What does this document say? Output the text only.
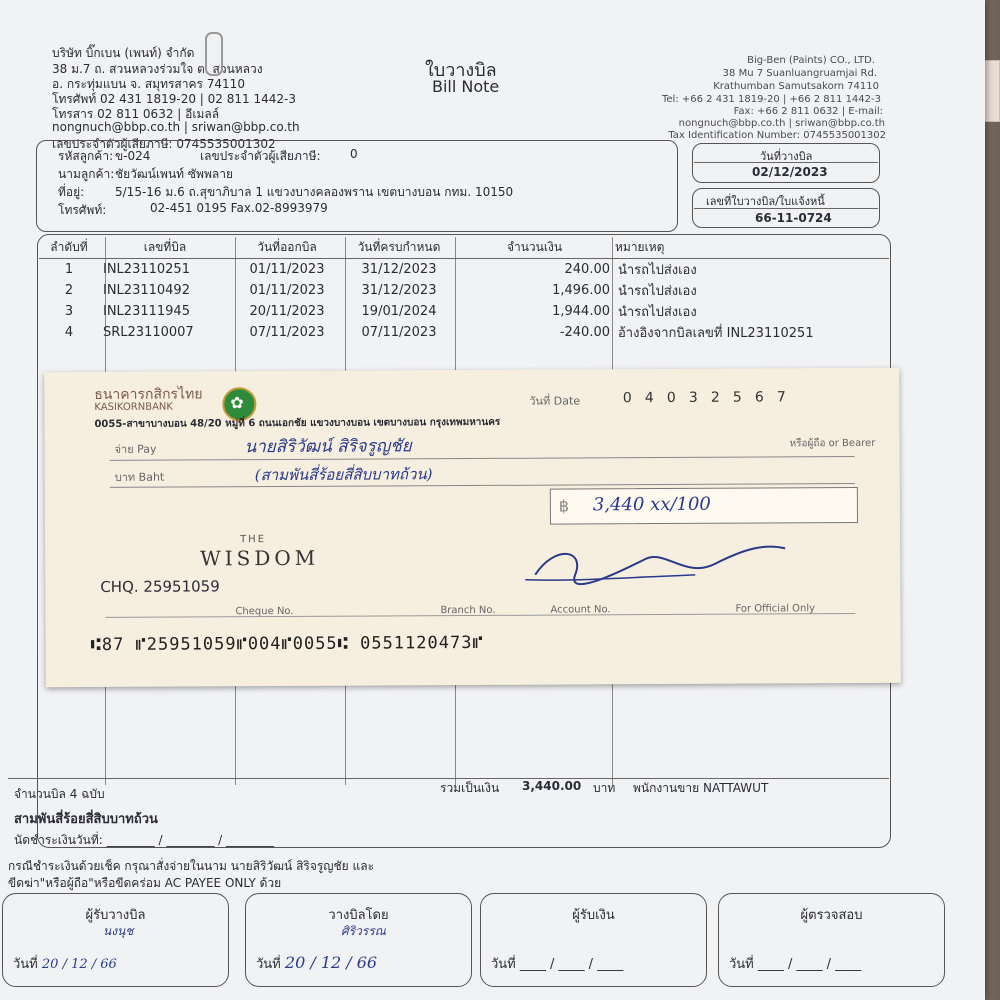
บริษัท บิ๊กเบน (เพนท์) จำกัด
38 ม.7 ถ. สวนหลวงร่วมใจ ต. สวนหลวง
อ. กระทุ่มแบน จ. สมุทรสาคร 74110
โทรศัพท์ 02 431 1819-20 | 02 811 1442-3
โทรสาร 02 811 0632 | อีเมลล์
nongnuch@bbp.co.th | sriwan@bbp.co.th
เลขประจำตัวผู้เสียภาษี: 0745535001302
ใบวางบิล
Bill Note
Big-Ben (Paints) CO., LTD.
38 Mu 7 Suanluangruamjai Rd.
Krathumban Samutsakorn 74110
Tel: +66 2 431 1819-20 | +66 2 811 1442-3
Fax: +66 2 811 0632 | E-mail:
nongnuch@bbp.co.th | sriwan@bbp.co.th
Tax Identification Number: 0745535001302
รหัสลูกค้า: ข-024	เลขประจำตัวผู้เสียภาษี: 0
นามลูกค้า: ชัยวัฒน์เพนท์ ซัพพลาย
ที่อยู่:	5/15-16 ม.6 ถ.สุขาภิบาล 1 แขวงบางคลองพราน เขตบางบอน กทม. 10150
โทรศัพท์:	02-451 0195 Fax.02-8993979
วันที่วางบิล
02/12/2023
เลขที่ใบวางบิล/ใบแจ้งหนี้
66-11-0724
ลำดับที่	เลขที่บิล	วันที่ออกบิล	วันที่ครบกำหนด	จำนวนเงิน	หมายเหตุ
1	INL23110251	01/11/2023	31/12/2023	240.00	นำรถไปส่งเอง
2	INL23110492	01/11/2023	31/12/2023	1,496.00	นำรถไปส่งเอง
3	INL23111945	20/11/2023	19/01/2024	1,944.00	นำรถไปส่งเอง
4	SRL23110007	07/11/2023	07/11/2023	-240.00	อ้างอิงจากบิลเลขที่ INL23110251
จำนวนบิล 4 ฉบับ	รวมเป็นเงิน 3,440.00 บาท พนักงานขาย NATTAWUT
สามพันสี่ร้อยสี่สิบบาทถ้วน
นัดชำระเงินวันที่: ________ / ________ / ________
กรณีชำระเงินด้วยเช็ค กรุณาสั่งจ่ายในนาม นายสิริวัฒน์ สิริจรูญชัย และ
ขีดฆ่า"หรือผู้ถือ"หรือขีดคร่อม AC PAYEE ONLY ด้วย
ผู้รับวางบิล
นงนุช
วันที่ 20 / 12 / 66
วางบิลโดย
ศิริวรรณ
วันที่ 20 / 12 / 66
ผู้รับเงิน
วันที่ ____ / ____ / ____
ผู้ตรวจสอบ
วันที่ ____ / ____ / ____
ธนาคารกสิกรไทย
KASIKORNBANK	✿	วันที่ Date	0 4 0 3 2 5 6 7
0055-สาขาบางบอน 48/20 หมู่ที่ 6 ถนนเอกชัย แขวงบางบอน เขตบางบอน กรุงเทพมหานคร
จ่าย Pay	นายสิริวัฒน์ สิริจรูญชัย	หรือผู้ถือ or Bearer
บาท Baht	(สามพันสี่ร้อยสี่สิบบาทถ้วน)
฿ 3,440 xx/100
THE
WISDOM
CHQ. 25951059
Cheque No.	Branch No.	Account No.	For Official Only
⑆87 ⑈25951059⑈004⑈0055⑆ 0551120473⑈
